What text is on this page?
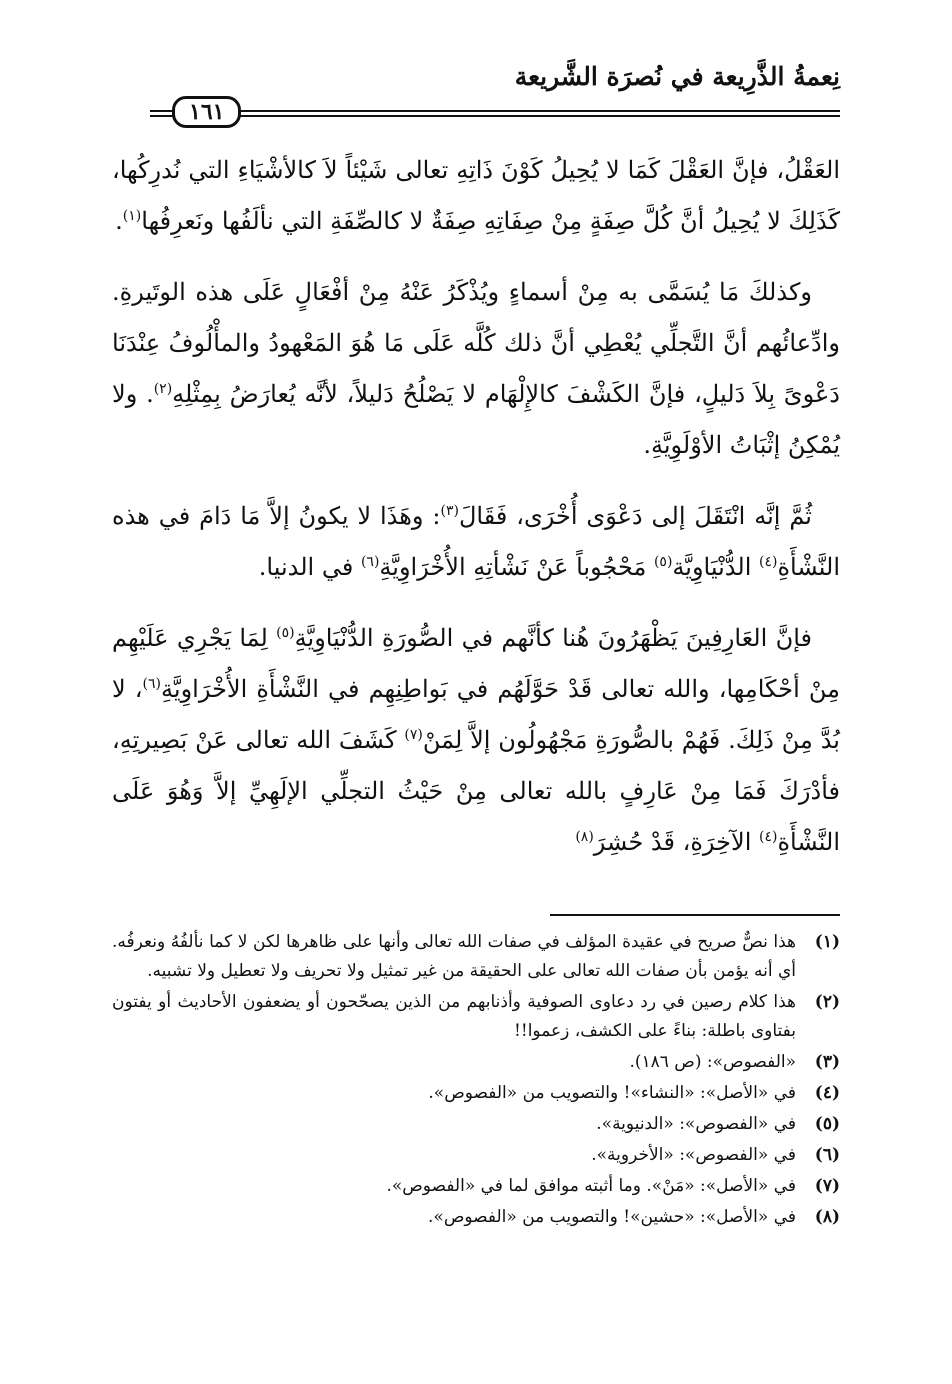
نِعمةُ الذَّرِيعة في نُصرَة الشَّريعة
١٦١

العَقْلُ، فإنَّ العَقْلَ كَمَا لا يُحِيلُ كَوْنَ ذَاتِهِ تعالى شَيْئاً لاَ كالأشْيَاءِ التي نُدرِكُها، كَذَلِكَ لا يُحِيلُ أنَّ كُلَّ صِفَةٍ مِنْ صِفَاتِهِ صِفَةٌ لا كالصِّفَةِ التي نألَفُها ونَعرِفُها$^{(١)}$.

وكذلكَ مَا يُسَمَّى به مِنْ أسماءٍ ويُذْكَرُ عَنْهُ مِنْ أفْعَالٍ عَلَى هذه الوتَيرةِ. وادِّعائُهم أنَّ التَّجلِّي يُعْطِي أنَّ ذلك كُلَّه عَلَى مَا هُوَ المَعْهودُ والمأْلُوفُ عِنْدَنَا دَعْوىً بِلاَ دَليلٍ، فإنَّ الكَشْفَ كالإِلْهَام لا يَصْلُحُ دَليلاً، لأنَّه يُعارَضُ بِمِثْلِهِ$^{(٢)}$. ولا يُمْكِنُ إثْبَاتُ الأوْلَوِيَّةِ.

ثُمَّ إنَّه انْتَقَلَ إلى دَعْوَى أُخْرَى، فَقَالَ$^{(٣)}$: وهَذَا لا يكونُ إلاَّ مَا دَامَ في هذه النَّشْأَةِ$^{(٤)}$ الدُّنْيَاوِيَّة$^{(٥)}$ مَحْجُوباً عَنْ نَشْأتِهِ الأُخْرَاوِيَّةِ$^{(٦)}$ في الدنيا.

فإنَّ العَارِفِينَ يَظْهَرُونَ هُنا كأنَّهم في الصُّورَةِ الدُّنْيَاوِيَّةِ$^{(٥)}$ لِمَا يَجْرِي عَلَيْهِم مِنْ أحْكَامِها، والله تعالى قَدْ حَوَّلَهُم في بَواطِنِهِم في النَّشْأَةِ الأُخْرَاوِيَّةِ$^{(٦)}$، لا بُدَّ مِنْ ذَلِكَ. فَهُمْ بالصُّورَةِ مَجْهُولُون إلاَّ لِمَنْ$^{(٧)}$ كَشَفَ الله تعالى عَنْ بَصِيرتِهِ، فأدْرَكَ فَمَا مِنْ عَارِفٍ بالله تعالى مِنْ حَيْثُ التجلِّي الإلَهِيِّ إلاَّ وَهُوَ عَلَى النَّشْأَةِ$^{(٤)}$ الآخِرَةِ، قَدْ حُشِرَ$^{(٨)}$

(١)
هذا نصٌّ صريح في عقيدة المؤلف في صفات الله تعالى وأنها على ظاهرها لكن لا كما نألفُهُ ونعرفُه. أي أنه يؤمن بأن صفات الله تعالى على الحقيقة من غير تمثيل ولا تحريف ولا تعطيل ولا تشبيه.
(٢)
هذا كلام رصين في رد دعاوى الصوفية وأذنابهم من الذين يصحّحون أو يضعفون الأحاديث أو يفتون بفتاوى باطلة: بناءً على الكشف، زعموا!!
(٣)
«الفصوص»: (ص ١٨٦).
(٤)
في «الأصل»: «النشاء»! والتصويب من «الفصوص».
(٥)
في «الفصوص»: «الدنيوية».
(٦)
في «الفصوص»: «الأخروية».
(٧)
في «الأصل»: «مَنْ». وما أثبته موافق لما في «الفصوص».
(٨)
في «الأصل»: «حشين»! والتصويب من «الفصوص».
